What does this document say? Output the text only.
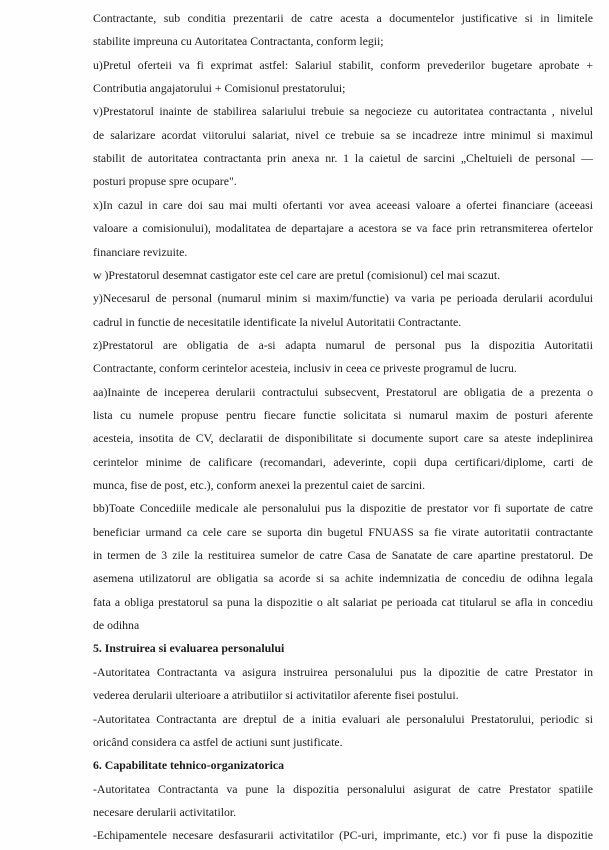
Contractante, sub conditia prezentarii de catre acesta a documentelor justificative si in limitele
stabilite impreuna cu Autoritatea Contractanta, conform legii;
u)Pretul oferteii va fi exprimat astfel: Salariul stabilit, conform prevederilor bugetare aprobate +
Contributia angajatorului + Comisionul prestatorului;
v)Prestatorul inainte de stabilirea salariului trebuie sa negocieze cu autoritatea contractanta , nivelul
de salarizare acordat viitorului salariat, nivel ce trebuie sa se incadreze intre minimul si maximul
stabilit de autoritatea contractanta prin anexa nr. 1 la caietul de sarcini „Cheltuieli de personal —
posturi propuse spre ocupare".
x)In cazul in care doi sau mai multi ofertanti vor avea aceeasi valoare a ofertei financiare (aceeasi
valoare a comisionului), modalitatea de departajare a acestora se va face prin retransmiterea ofertelor
financiare revizuite.
w )Prestatorul desemnat castigator este cel care are pretul (comisionul) cel mai scazut.
y)Necesarul de personal (numarul minim si maxim/functie) va varia pe perioada derularii acordului
cadrul in functie de necesitatile identificate la nivelul Autoritatii Contractante.
z)Prestatorul are obligatia de a-si adapta numarul de personal pus la dispozitia Autoritatii
Contractante, conform cerintelor acesteia, inclusiv in ceea ce priveste programul de lucru.
aa)Inainte de inceperea derularii contractului subsecvent, Prestatorul are obligatia de a prezenta o
lista cu numele propuse pentru fiecare functie solicitata si numarul maxim de posturi aferente
acesteia, insotita de CV, declaratii de disponibilitate si documente suport care sa ateste indeplinirea
cerintelor minime de calificare (recomandari, adeverinte, copii dupa certificari/diplome, carti de
munca, fise de post, etc.), conform anexei la prezentul caiet de sarcini.
bb)Toate Concediile medicale ale personalului pus la dispozitie de prestator vor fi suportate de catre
beneficiar urmand ca cele care se suporta din bugetul FNUASS sa fie virate autoritatii contractante
in termen de 3 zile la restituirea sumelor de catre Casa de Sanatate de care apartine prestatorul. De
asemena utilizatorul are obligatia sa acorde si sa achite indemnizatia de concediu de odihna legala
fata a obliga prestatorul sa puna la dispozitie o alt salariat pe perioada cat titularul se afla in concediu
de odihna
5. Instruirea si evaluarea personalului
-Autoritatea Contractanta va asigura instruirea personalului pus la dipozitie de catre Prestator in
vederea derularii ulterioare a atributiilor si activitatilor aferente fisei postului.
-Autoritatea Contractanta are dreptul de a initia evaluari ale personalului Prestatorului, periodic si
oricând considera ca astfel de actiuni sunt justificate.
6. Capabilitate tehnico-organizatorica
-Autoritatea Contractanta va pune la dispozitia personalului asigurat de catre Prestator spatiile
necesare derularii activitatilor.
-Echipamentele necesare desfasurarii activitatilor (PC-uri, imprimante, etc.) vor fi puse la dispozitie
